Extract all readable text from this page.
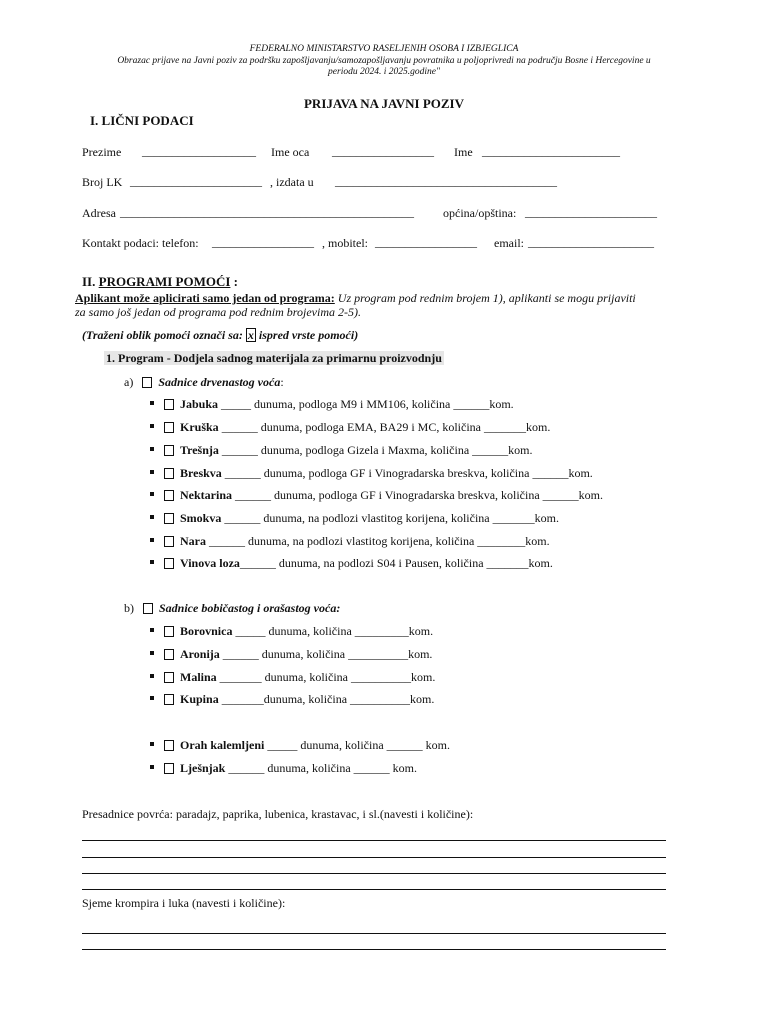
FEDERALNO MINISTARSTVO RASELJENIH OSOBA I IZBJEGLICA
Obrazac prijave na Javni poziv za podršku zapošljavanju/samozapošljavanju povratnika u poljoprivredi na području Bosne i Hercegovine u
periodu 2024. i 2025.godine"
PRIJAVA NA JAVNI POZIV
I. LIČNI PODACI
Prezime ___________________ Ime oca _________________ Ime _______________________
Broj LK ______________________ , izdata u _____________________________________
Adresa _________________________________________________ općina/opština: ______________________
Kontakt podaci: telefon: _________________ , mobitel: _________________ email: _____________________
II. PROGRAMI POMOĆI :
Aplikant može aplicirati samo jedan od programa: Uz program pod rednim brojem 1), aplikanti se mogu prijaviti
za samo još jedan od programa pod rednim brojevima 2-5).
(Traženi oblik pomoći označi sa: x ispred vrste pomoći)
1. Program - Dodjela sadnog materijala za primarnu proizvodnju
a) Sadnice drvenastog voća:
Jabuka _____ dunuma, podloga M9 i MM106, količina ______kom.
Kruška ______ dunuma, podloga EMA, BA29 i MC, količina _______kom.
Trešnja ______ dunuma, podloga Gizela i Maxma, količina ______kom.
Breskva ______ dunuma, podloga GF i Vinogradarska breskva, količina ______kom.
Nektarina ______ dunuma, podloga GF i Vinogradarska breskva, količina ______kom.
Smokva ______ dunuma, na podlozi vlastitog korijena, količina _______kom.
Nara ______ dunuma, na podlozi vlastitog korijena, količina ________kom.
Vinova loza______ dunuma, na podlozi S04 i Pausen, količina _______kom.
b) Sadnice bobičastog i orašastog voća:
Borovnica _____ dunuma, količina _________kom.
Aronija ______ dunuma, količina __________kom.
Malina _______ dunuma, količina __________kom.
Kupina _______dunuma, količina __________kom.
Orah kalemljeni _____ dunuma, količina ______ kom.
Lješnjak ______ dunuma, količina ______ kom.
Presadnice povrća: paradajz, paprika, lubenica, krastavac, i sl.(navesti i količine):
Sjeme krompira i luka (navesti i količine):
